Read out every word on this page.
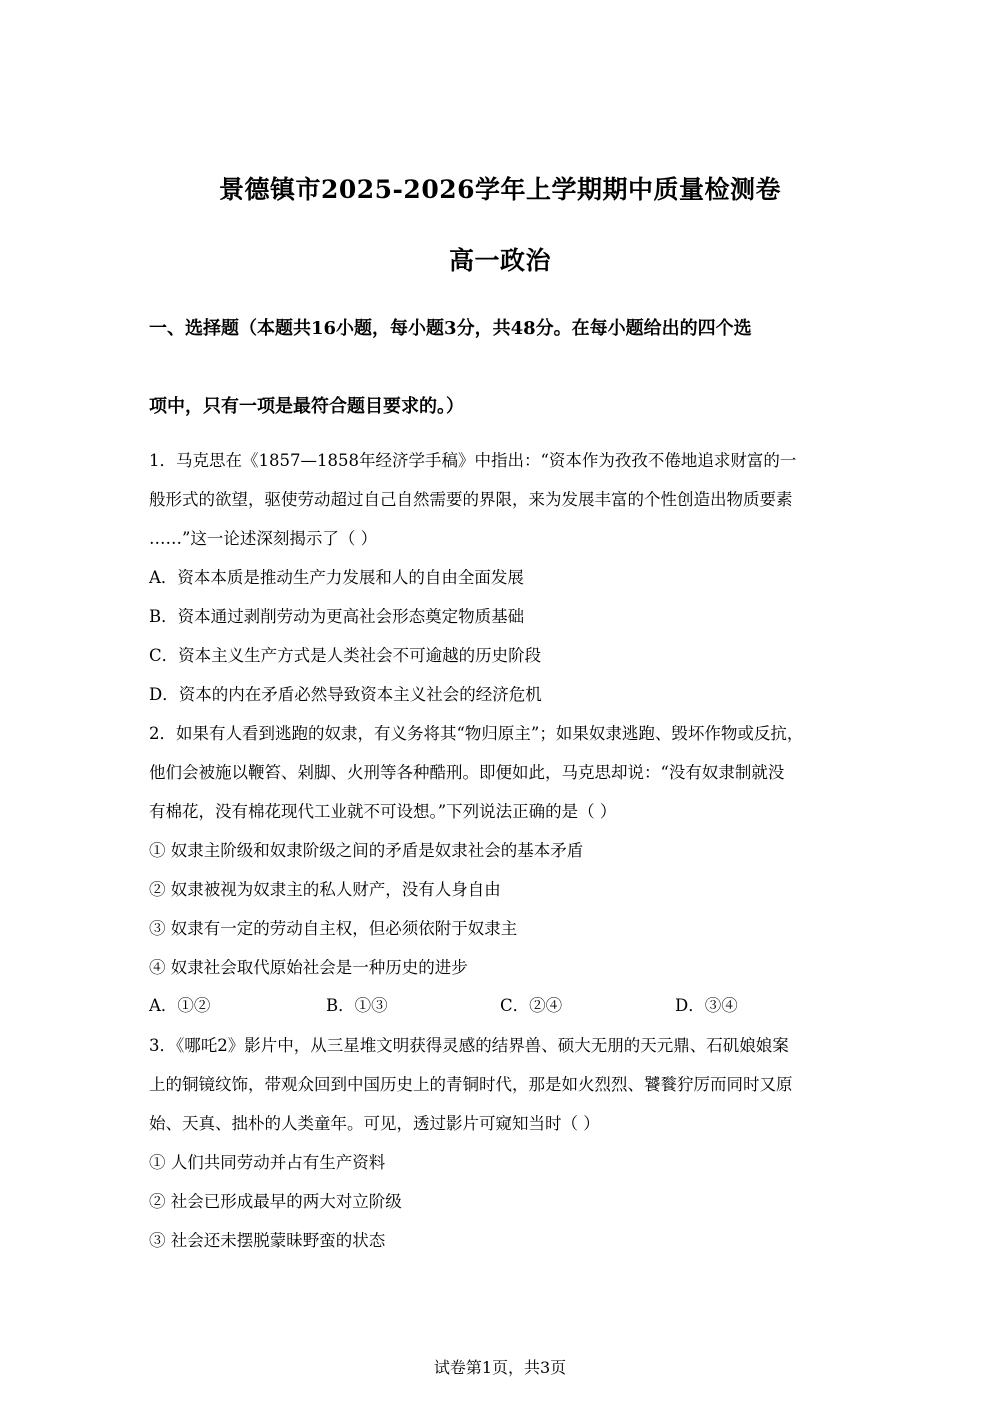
景德镇市2025-2026学年上学期期中质量检测卷
高一政治
一、选择题（本题共16小题，每小题3分，共48分。在每小题给出的四个选
项中，只有一项是最符合题目要求的。）
1．马克思在《1857—1858年经济学手稿》中指出：“资本作为孜孜不倦地追求财富的一
般形式的欲望，驱使劳动超过自己自然需要的界限，来为发展丰富的个性创造出物质要素
……”这一论述深刻揭示了（ ）
A．资本本质是推动生产力发展和人的自由全面发展
B．资本通过剥削劳动为更高社会形态奠定物质基础
C．资本主义生产方式是人类社会不可逾越的历史阶段
D．资本的内在矛盾必然导致资本主义社会的经济危机
2．如果有人看到逃跑的奴隶，有义务将其“物归原主”；如果奴隶逃跑、毁坏作物或反抗，
他们会被施以鞭笞、剁脚、火刑等各种酷刑。即便如此，马克思却说：“没有奴隶制就没
有棉花，没有棉花现代工业就不可设想。”下列说法正确的是（ ）
① 奴隶主阶级和奴隶阶级之间的矛盾是奴隶社会的基本矛盾
② 奴隶被视为奴隶主的私人财产，没有人身自由
③ 奴隶有一定的劳动自主权，但必须依附于奴隶主
④ 奴隶社会取代原始社会是一种历史的进步
A．①②	B．①③	C．②④	D．③④
3．《哪吒2》影片中，从三星堆文明获得灵感的结界兽、硕大无朋的天元鼎、石矶娘娘案
上的铜镜纹饰，带观众回到中国历史上的青铜时代，那是如火烈烈、饕餮狞厉而同时又原
始、天真、拙朴的人类童年。可见，透过影片可窥知当时（ ）
① 人们共同劳动并占有生产资料
② 社会已形成最早的两大对立阶级
③ 社会还未摆脱蒙昧野蛮的状态
试卷第1页，共3页
